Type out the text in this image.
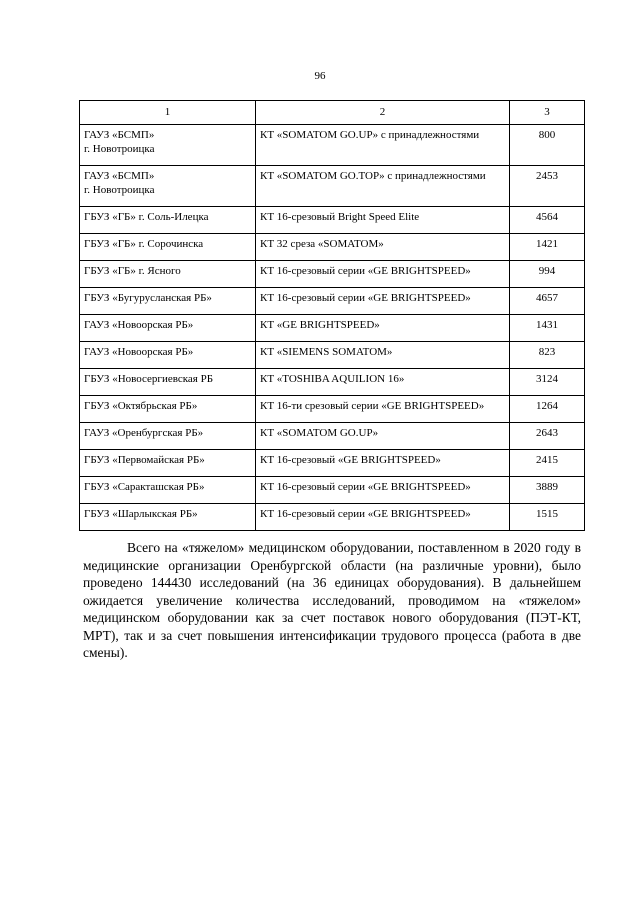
96
1	2	3

ГАУЗ «БСМП»
г. Новотроицка	КТ «SOMATOM GO.UP» с принадлежностями	800

ГАУЗ «БСМП»
г. Новотроицка	КТ «SOMATOM GO.TOP» с принадлежностями	2453
ГБУЗ «ГБ» г. Соль-Илецка	КТ 16-срезовый Bright Speed Elite	4564
ГБУЗ «ГБ» г. Сорочинска	КТ 32 среза «SOMATOM»	1421
ГБУЗ «ГБ» г. Ясного	КТ 16-срезовый серии «GE BRIGHTSPEED»	994
ГБУЗ «Бугурусланская РБ»	КТ 16-срезовый серии «GE BRIGHTSPEED»	4657
ГАУЗ «Новоорская РБ»	КТ «GE BRIGHTSPEED»	1431
ГАУЗ «Новоорская РБ»	КТ «SIEMENS SOMATOM»	823
ГБУЗ «Новосергиевская РБ	КТ «TOSHIBA AQUILION 16»	3124
ГБУЗ «Октябрьская РБ»	КТ 16-ти срезовый серии «GE BRIGHTSPEED»	1264
ГАУЗ «Оренбургская РБ»	КТ «SOMATOM GO.UP»	2643
ГБУЗ «Первомайская РБ»	КТ 16-срезовый «GE BRIGHTSPEED»	2415
ГБУЗ «Саракташская РБ»	КТ 16-срезовый серии «GE BRIGHTSPEED»	3889
ГБУЗ «Шарлыкская РБ»	КТ 16-срезовый серии «GE BRIGHTSPEED»	1515

Всего на «тяжелом» медицинском оборудовании, поставленном в 2020 году в медицинские организации Оренбургской области (на различные уровни), было проведено 144430 исследований (на 36 единицах оборудования). В дальнейшем ожидается увеличение количества исследований, проводимом на «тяжелом» медицинском оборудовании как за счет поставок нового оборудования (ПЭТ-КТ, МРТ), так и за счет повышения интенсификации трудового процесса (работа в две смены).
